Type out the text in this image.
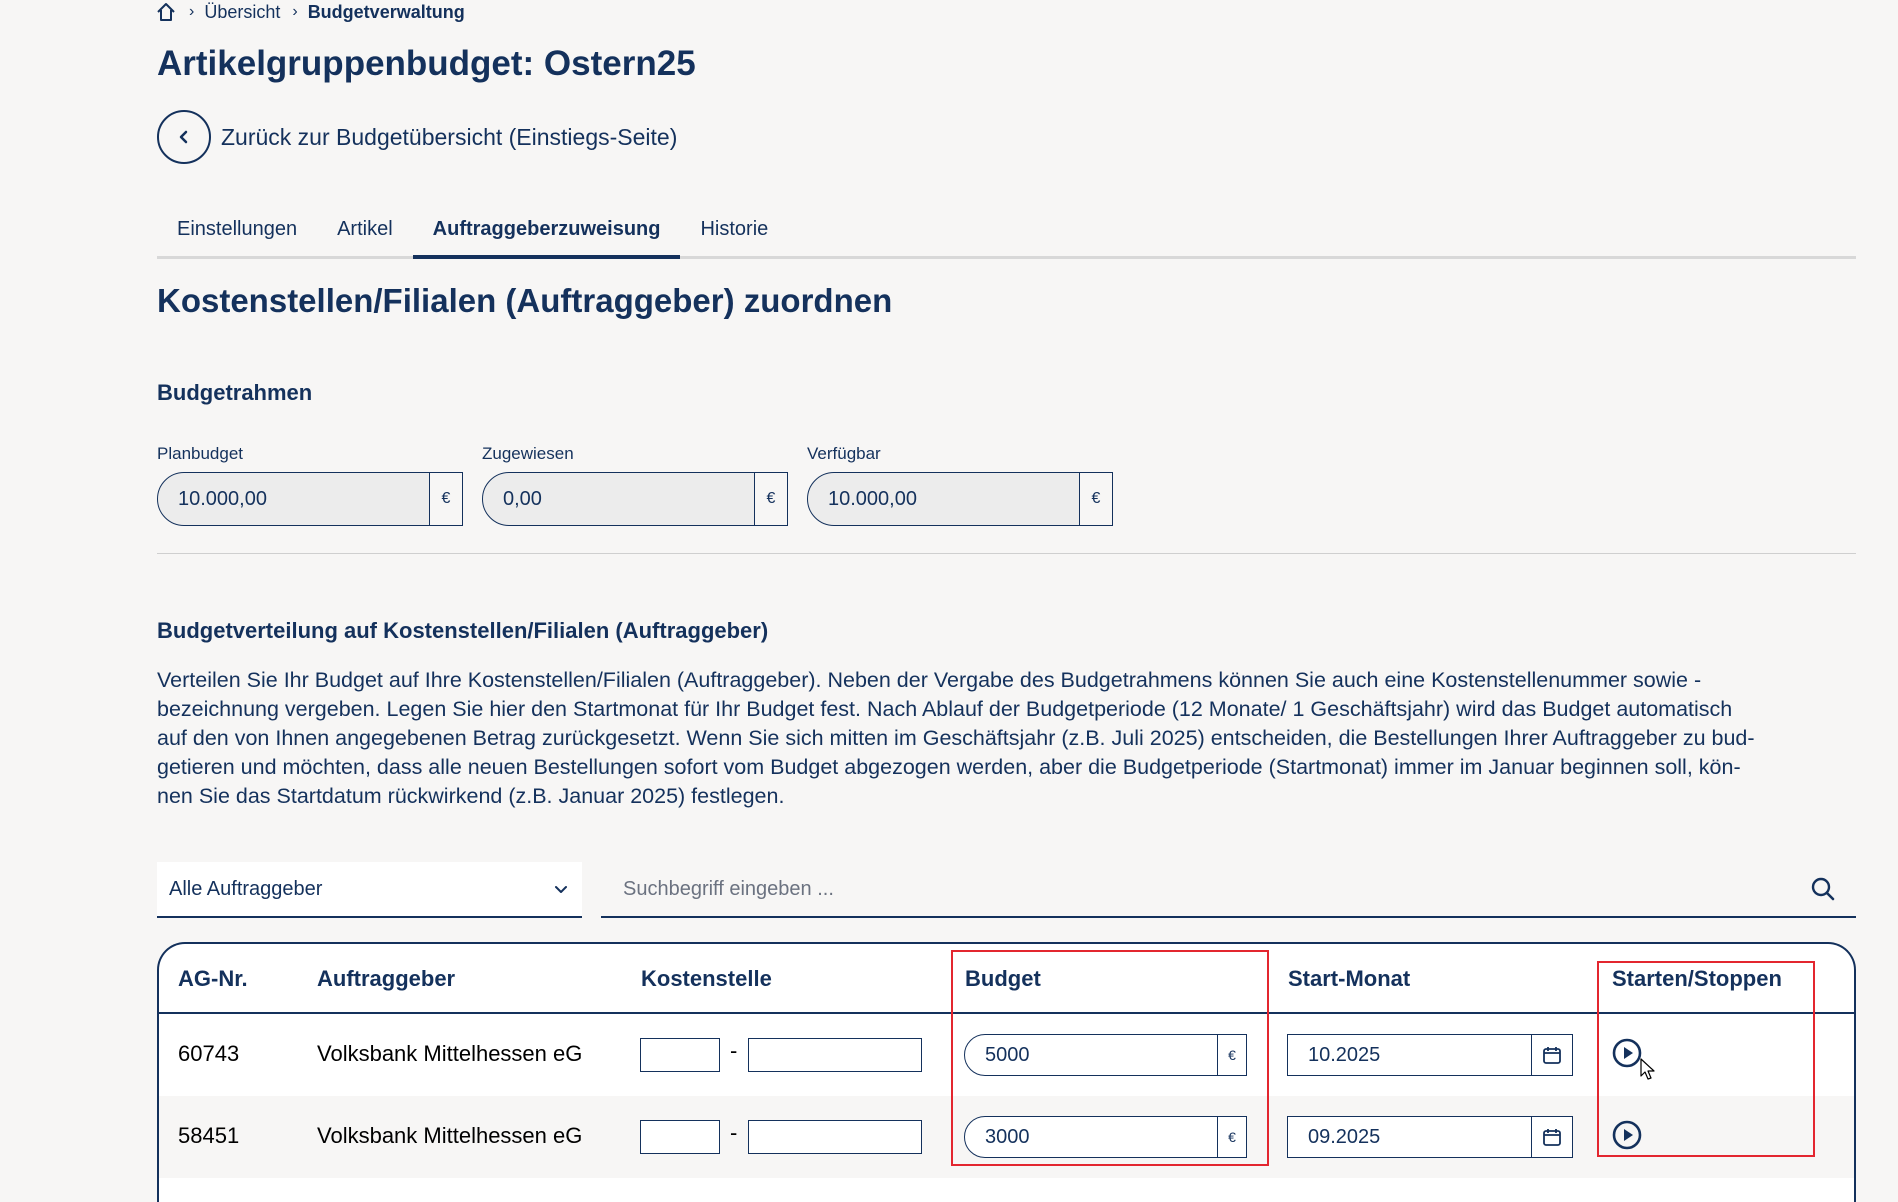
› Übersicht › Budgetverwaltung
Artikelgruppenbudget: Ostern25
Zurück zur Budgetübersicht (Einstiegs-Seite)
Einstellungen	Artikel	Auftraggeberzuweisung	Historie
Kostenstellen/Filialen (Auftraggeber) zuordnen
Budgetrahmen
Planbudget
10.000,00	€
Zugewiesen
0,00	€
Verfügbar
10.000,00	€
Budgetverteilung auf Kostenstellen/Filialen (Auftraggeber)
Verteilen Sie Ihr Budget auf Ihre Kostenstellen/Filialen (Auftraggeber). Neben der Vergabe des Budgetrahmens können Sie auch eine Kostenstellenummer sowie -
bezeichnung vergeben. Legen Sie hier den Startmonat für Ihr Budget fest. Nach Ablauf der Budgetperiode (12 Monate/ 1 Geschäftsjahr) wird das Budget automatisch
auf den von Ihnen angegebenen Betrag zurückgesetzt. Wenn Sie sich mitten im Geschäftsjahr (z.B. Juli 2025) entscheiden, die Bestellungen Ihrer Auftraggeber zu bud-
getieren und möchten, dass alle neuen Bestellungen sofort vom Budget abgezogen werden, aber die Budgetperiode (Startmonat) immer im Januar beginnen soll, kön-
nen Sie das Startdatum rückwirkend (z.B. Januar 2025) festlegen.
Alle Auftraggeber
Suchbegriff eingeben ...
AG-Nr.	Auftraggeber	Kostenstelle	Budget	Start-Monat	Starten/Stoppen
60743	Volksbank Mittelhessen eG	-	5000	€	10.2025
58451	Volksbank Mittelhessen eG	-	3000	€	09.2025
